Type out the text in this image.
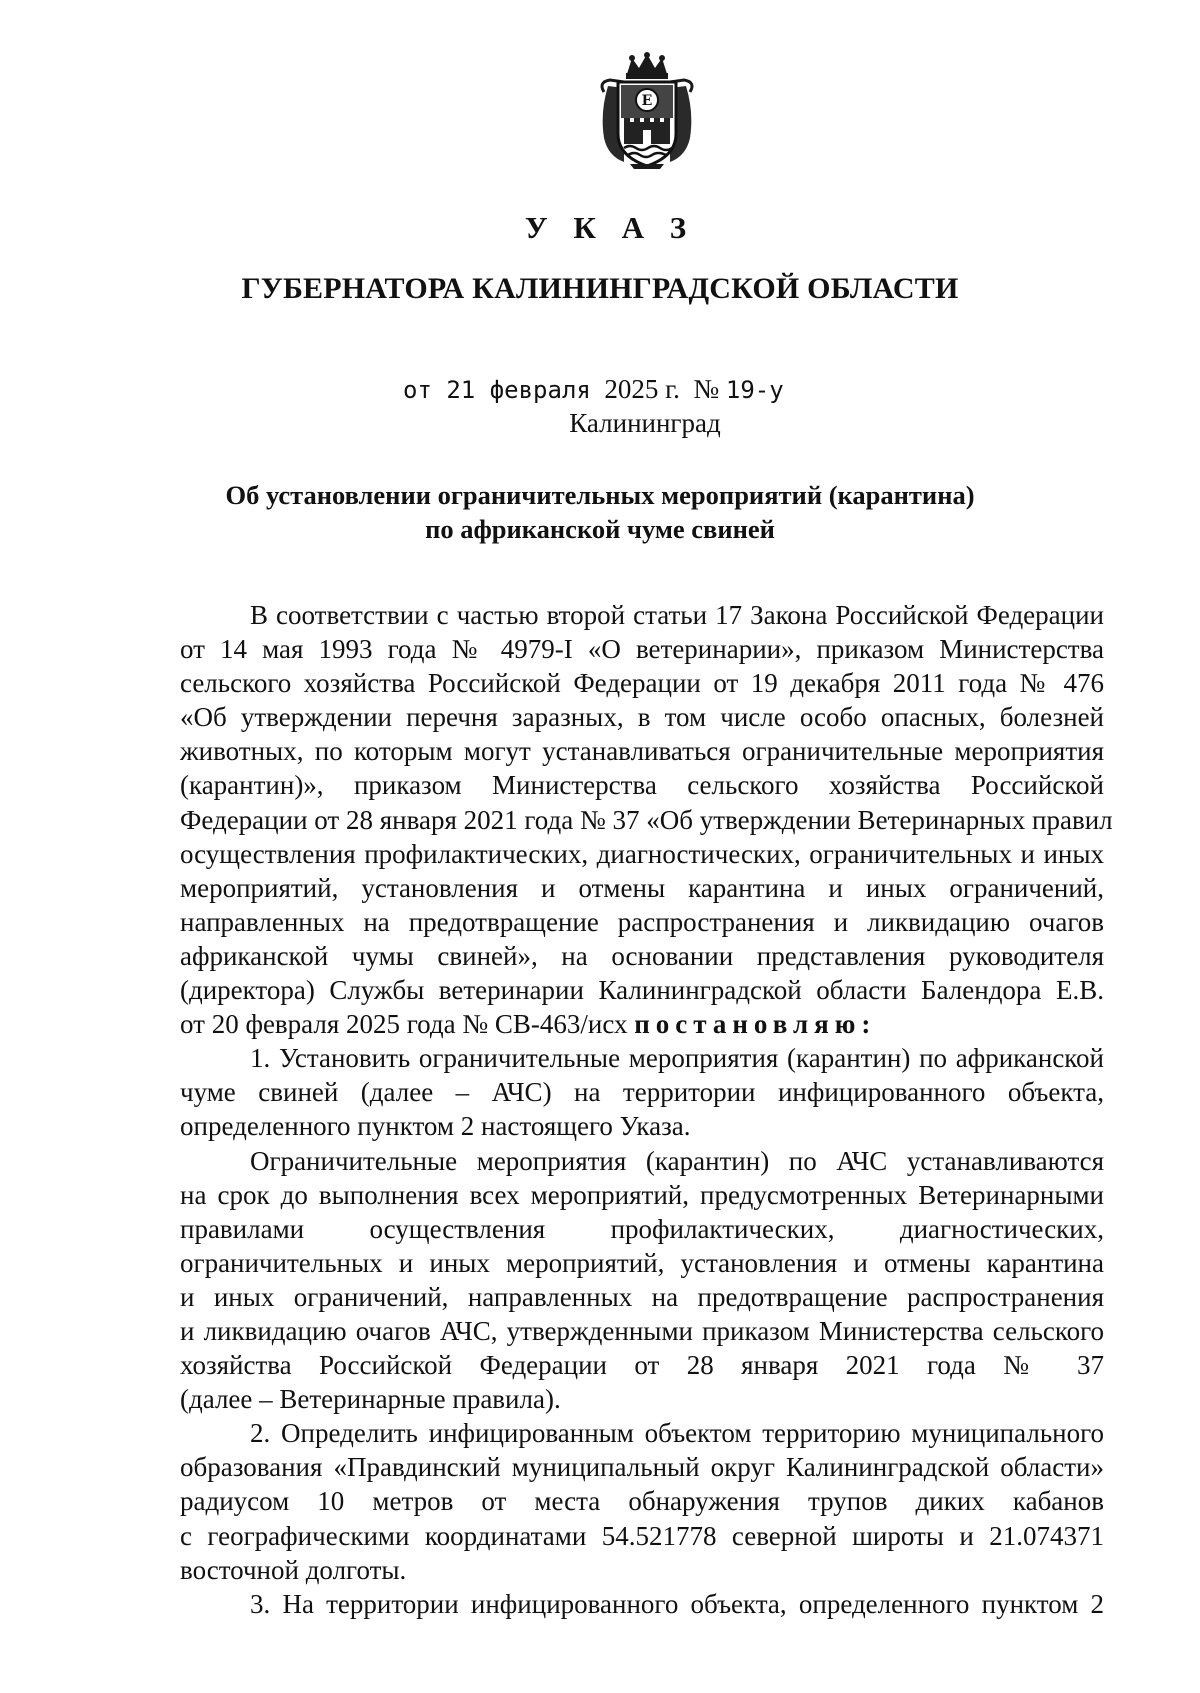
Е
У К А З
ГУБЕРНАТОРА КАЛИНИНГРАДСКОЙ ОБЛАСТИ
от 21 февраля 2025 г. № 19-у
Калининград
Об установлении ограничительных мероприятий (карантина)
по африканской чуме свиней
В соответствии с частью второй статьи 17 Закона Российской Федерации
от 14 мая 1993 года № 4979-I «О ветеринарии», приказом Министерства
сельского хозяйства Российской Федерации от 19 декабря 2011 года № 476
«Об утверждении перечня заразных, в том числе особо опасных, болезней
животных, по которым могут устанавливаться ограничительные мероприятия
(карантин)», приказом Министерства сельского хозяйства Российской
Федерации от 28 января 2021 года № 37 «Об утверждении Ветеринарных правил
осуществления профилактических, диагностических, ограничительных и иных
мероприятий, установления и отмены карантина и иных ограничений,
направленных на предотвращение распространения и ликвидацию очагов
африканской чумы свиней», на основании представления руководителя
(директора) Службы ветеринарии Калининградской области Балендора Е.В.
от 20 февраля 2025 года № СВ-463/исх постановляю:
1. Установить ограничительные мероприятия (карантин) по африканской
чуме свиней (далее – АЧС) на территории инфицированного объекта,
определенного пунктом 2 настоящего Указа.
Ограничительные мероприятия (карантин) по АЧС устанавливаются
на срок до выполнения всех мероприятий, предусмотренных Ветеринарными
правилами осуществления профилактических, диагностических,
ограничительных и иных мероприятий, установления и отмены карантина
и иных ограничений, направленных на предотвращение распространения
и ликвидацию очагов АЧС, утвержденными приказом Министерства сельского
хозяйства Российской Федерации от 28 января 2021 года № 37
(далее – Ветеринарные правила).
2. Определить инфицированным объектом территорию муниципального
образования «Правдинский муниципальный округ Калининградской области»
радиусом 10 метров от места обнаружения трупов диких кабанов
с географическими координатами 54.521778 северной широты и 21.074371
восточной долготы.
3. На территории инфицированного объекта, определенного пунктом 2
